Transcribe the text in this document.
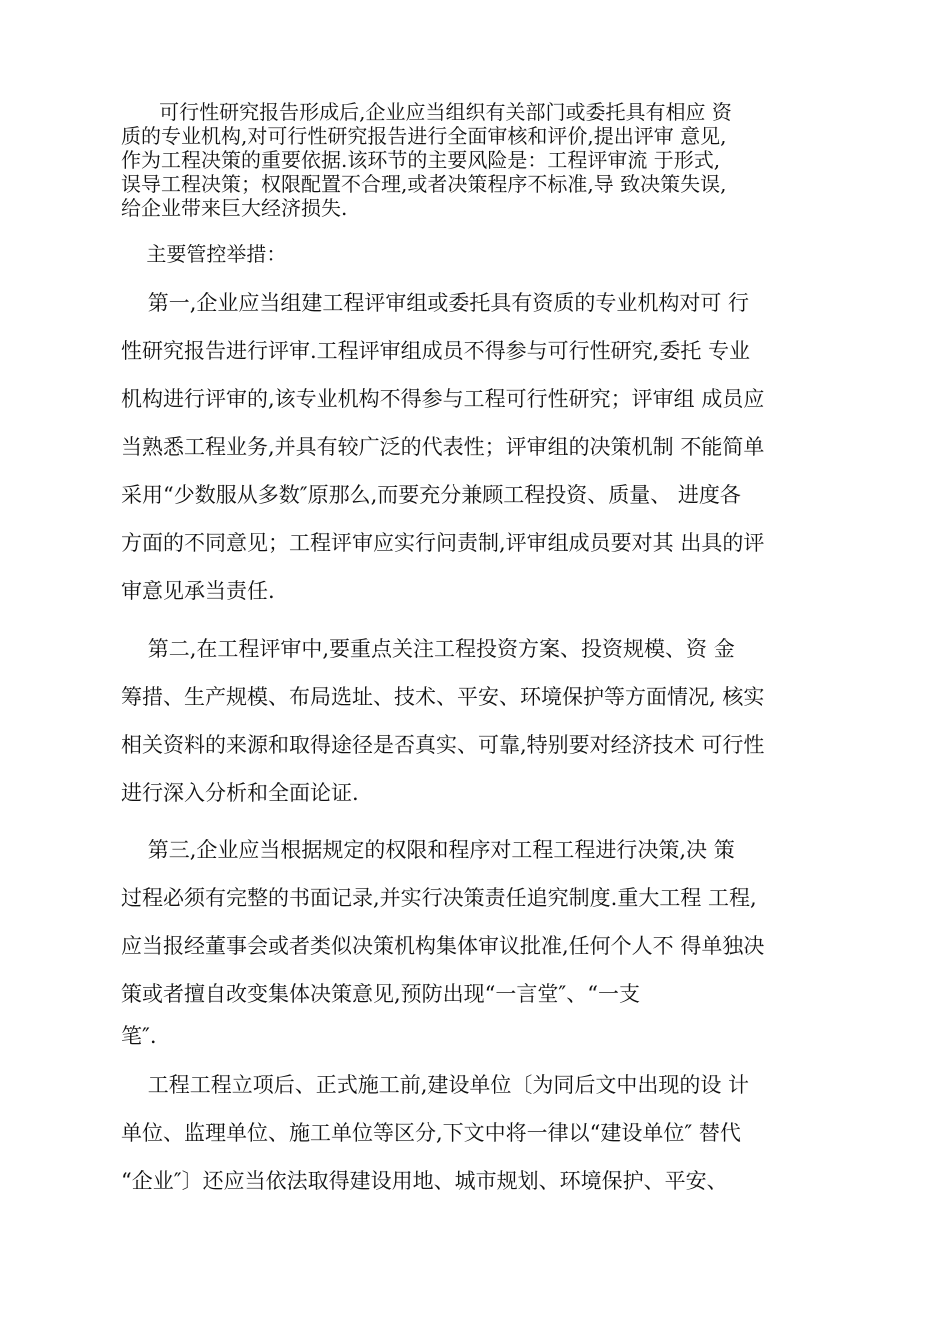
可行性研究报告形成后,企业应当组织有关部门或委托具有相应 资
质的专业机构,对可行性研究报告进行全面审核和评价,提出评审 意见,
作为工程决策的重要依据.该环节的主要风险是：工程评审流 于形式,
误导工程决策；权限配置不合理,或者决策程序不标准,导 致决策失误,
给企业带来巨大经济损失.
主要管控举措：
第一,企业应当组建工程评审组或委托具有资质的专业机构对可 行
性研究报告进行评审.工程评审组成员不得参与可行性研究,委托 专业
机构进行评审的,该专业机构不得参与工程可行性研究；评审组 成员应
当熟悉工程业务,并具有较广泛的代表性；评审组的决策机制 不能简单
采用“少数服从多数″原那么,而要充分兼顾工程投资、质量、 进度各
方面的不同意见；工程评审应实行问责制,评审组成员要对其 出具的评
审意见承当责任.
第二,在工程评审中,要重点关注工程投资方案、投资规模、资 金
筹措、生产规模、布局选址、技术、平安、环境保护等方面情况, 核实
相关资料的来源和取得途径是否真实、可靠,特别要对经济技术 可行性
进行深入分析和全面论证.
第三,企业应当根据规定的权限和程序对工程工程进行决策,决 策
过程必须有完整的书面记录,并实行决策责任追究制度.重大工程 工程,
应当报经董事会或者类似决策机构集体审议批准,任何个人不 得单独决
策或者擅自改变集体决策意见,预防出现“一言堂″、“一支
笔″.
工程工程立项后、正式施工前,建设单位〔为同后文中出现的设 计
单位、监理单位、施工单位等区分,下文中将一律以“建设单位″ 替代
“企业″〕还应当依法取得建设用地、城市规划、环境保护、平安、
